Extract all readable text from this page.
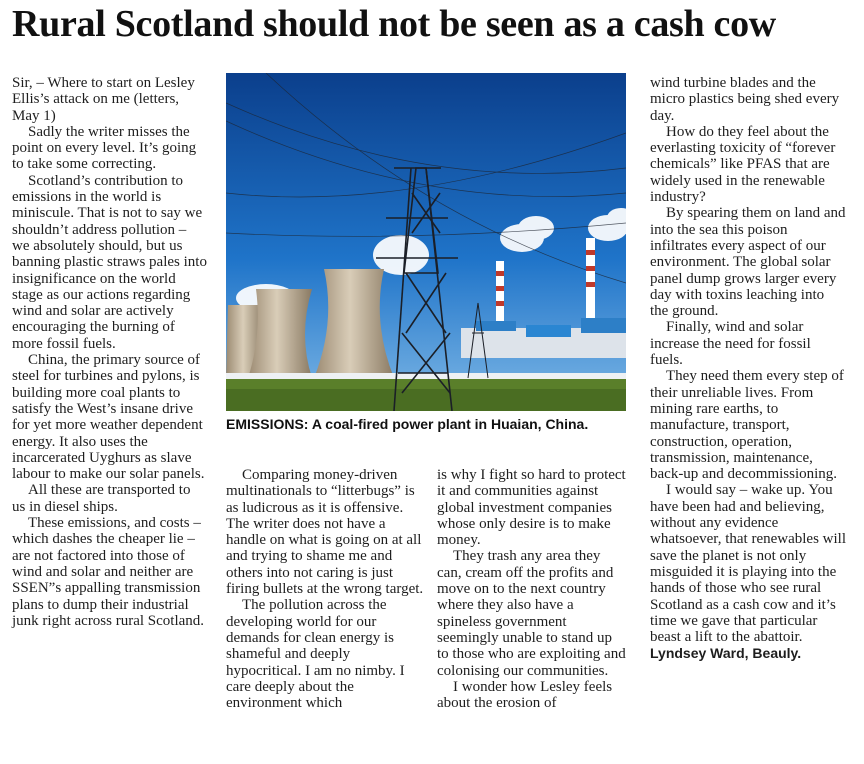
Rural Scotland should not be seen as a cash cow

Sir, – Where to start on Lesley Ellis’s attack on me (letters, May 1)

Sadly the writer misses the point on every level. It’s going to take some correcting.

Scotland’s contribution to emissions in the world is miniscule. That is not to say we shouldn’t address pollution – we absolutely should, but us banning plastic straws pales into insignificance on the world stage as our actions regarding wind and solar are actively encouraging the burning of more fossil fuels.

China, the primary source of steel for turbines and pylons, is building more coal plants to satisfy the West’s insane drive for yet more weather dependent energy. It also uses the incarcerated Uyghurs as slave labour to make our solar panels.

All these are transported to us in diesel ships.

These emissions, and costs – which dashes the cheaper lie – are not factored into those of wind and solar and neither are SSEN”s appalling transmission plans to dump their industrial junk right across rural Scotland.

EMISSIONS: A coal-fired power plant in Huaian, China.

Comparing money-driven multinationals to “litterbugs” is as ludicrous as it is offensive. The writer does not have a handle on what is going on at all and trying to shame me and others into not caring is just firing bullets at the wrong target.

The pollution across the developing world for our demands for clean energy is shameful and deeply hypocritical. I am no nimby. I care deeply about the environment which

is why I fight so hard to protect it and communities against global investment companies whose only desire is to make money.

They trash any area they can, cream off the profits and move on to the next country where they also have a spineless government seemingly unable to stand up to those who are exploiting and colonising our communities.

I wonder how Lesley feels about the erosion of

wind turbine blades and the micro plastics being shed every day.

How do they feel about the everlasting toxicity of “forever chemicals” like PFAS that are widely used in the renewable industry?

By spearing them on land and into the sea this poison infiltrates every aspect of our environment. The global solar panel dump grows larger every day with toxins leaching into the ground.

Finally, wind and solar increase the need for fossil fuels.

They need them every step of their unreliable lives. From mining rare earths, to manufacture, transport, construction, operation, transmission, maintenance, back-up and decommissioning.

I would say – wake up. You have been had and believing, without any evidence whatsoever, that renewables will save the planet is not only misguided it is playing into the hands of those who see rural Scotland as a cash cow and it’s time we gave that particular beast a lift to the abattoir.

Lyndsey Ward, Beauly.
